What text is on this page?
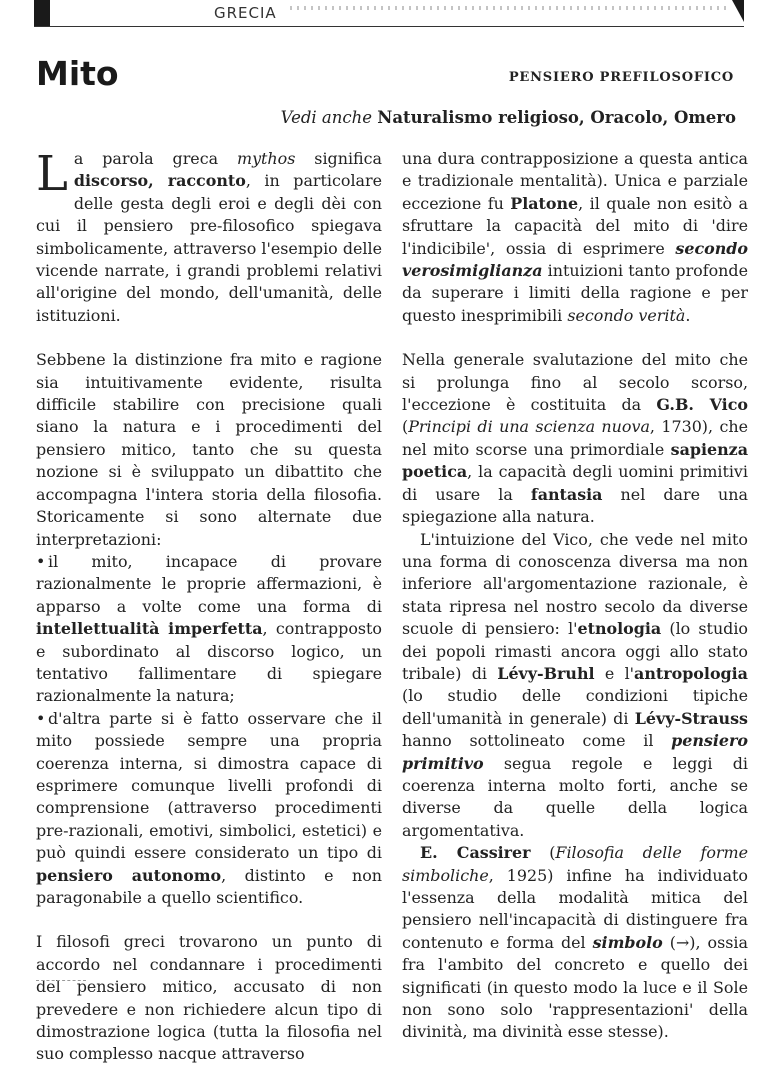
GRECIA
Mito	PENSIERO PREFILOSOFICO
Vedi anche Naturalismo religioso, Oracolo, Omero

La parola greca mythos significa discorso, racconto, in particolare delle gesta degli eroi e degli dèi con cui il pensiero pre-filosofico spiegava simbolicamente, attraverso l'esempio delle vicende narrate, i grandi problemi relativi all'origine del mondo, dell'umanità, delle istituzioni.

Sebbene la distinzione fra mito e ragione sia intuitivamente evidente, risulta difficile stabilire con precisione quali siano la natura e i procedimenti del pensiero mitico, tanto che su questa nozione si è sviluppato un dibattito che accompagna l'intera storia della filosofia. Storicamente si sono alternate due interpretazioni:

• il mito, incapace di provare razionalmente le proprie affermazioni, è apparso a volte come una forma di intellettualità imperfetta, contrapposto e subordinato al discorso logico, un tentativo fallimentare di spiegare razionalmente la natura;

• d'altra parte si è fatto osservare che il mito possiede sempre una propria coerenza interna, si dimostra capace di esprimere comunque livelli profondi di comprensione (attraverso procedimenti pre-razionali, emotivi, simbolici, estetici) e può quindi essere considerato un tipo di pensiero autonomo, distinto e non paragonabile a quello scientifico.

I filosofi greci trovarono un punto di accordo nel condannare i procedimenti del pensiero mitico, accusato di non prevedere e non richiedere alcun tipo di dimostrazione logica (tutta la filosofia nel suo complesso nacque attraverso

una dura contrapposizione a questa antica e tradizionale mentalità). Unica e parziale eccezione fu Platone, il quale non esitò a sfruttare la capacità del mito di 'dire l'indicibile', ossia di esprimere secondo verosimiglianza intuizioni tanto profonde da superare i limiti della ragione e per questo inesprimibili secondo verità.

Nella generale svalutazione del mito che si prolunga fino al secolo scorso, l'eccezione è costituita da G.B. Vico (Principi di una scienza nuova, 1730), che nel mito scorse una primordiale sapienza poetica, la capacità degli uomini primitivi di usare la fantasia nel dare una spiegazione alla natura.

L'intuizione del Vico, che vede nel mito una forma di conoscenza diversa ma non inferiore all'argomentazione razionale, è stata ripresa nel nostro secolo da diverse scuole di pensiero: l'etnologia (lo studio dei popoli rimasti ancora oggi allo stato tribale) di Lévy-Bruhl e l'antropologia (lo studio delle condizioni tipiche dell'umanità in generale) di Lévy-Strauss hanno sottolineato come il pensiero primitivo segua regole e leggi di coerenza interna molto forti, anche se diverse da quelle della logica argomentativa.

E. Cassirer (Filosofia delle forme simboliche, 1925) infine ha individuato l'essenza della modalità mitica del pensiero nell'incapacità di distinguere fra contenuto e forma del simbolo (→), ossia fra l'ambito del concreto e quello dei significati (in questo modo la luce e il Sole non sono solo 'rappresentazioni' della divinità, ma divinità esse stesse).
